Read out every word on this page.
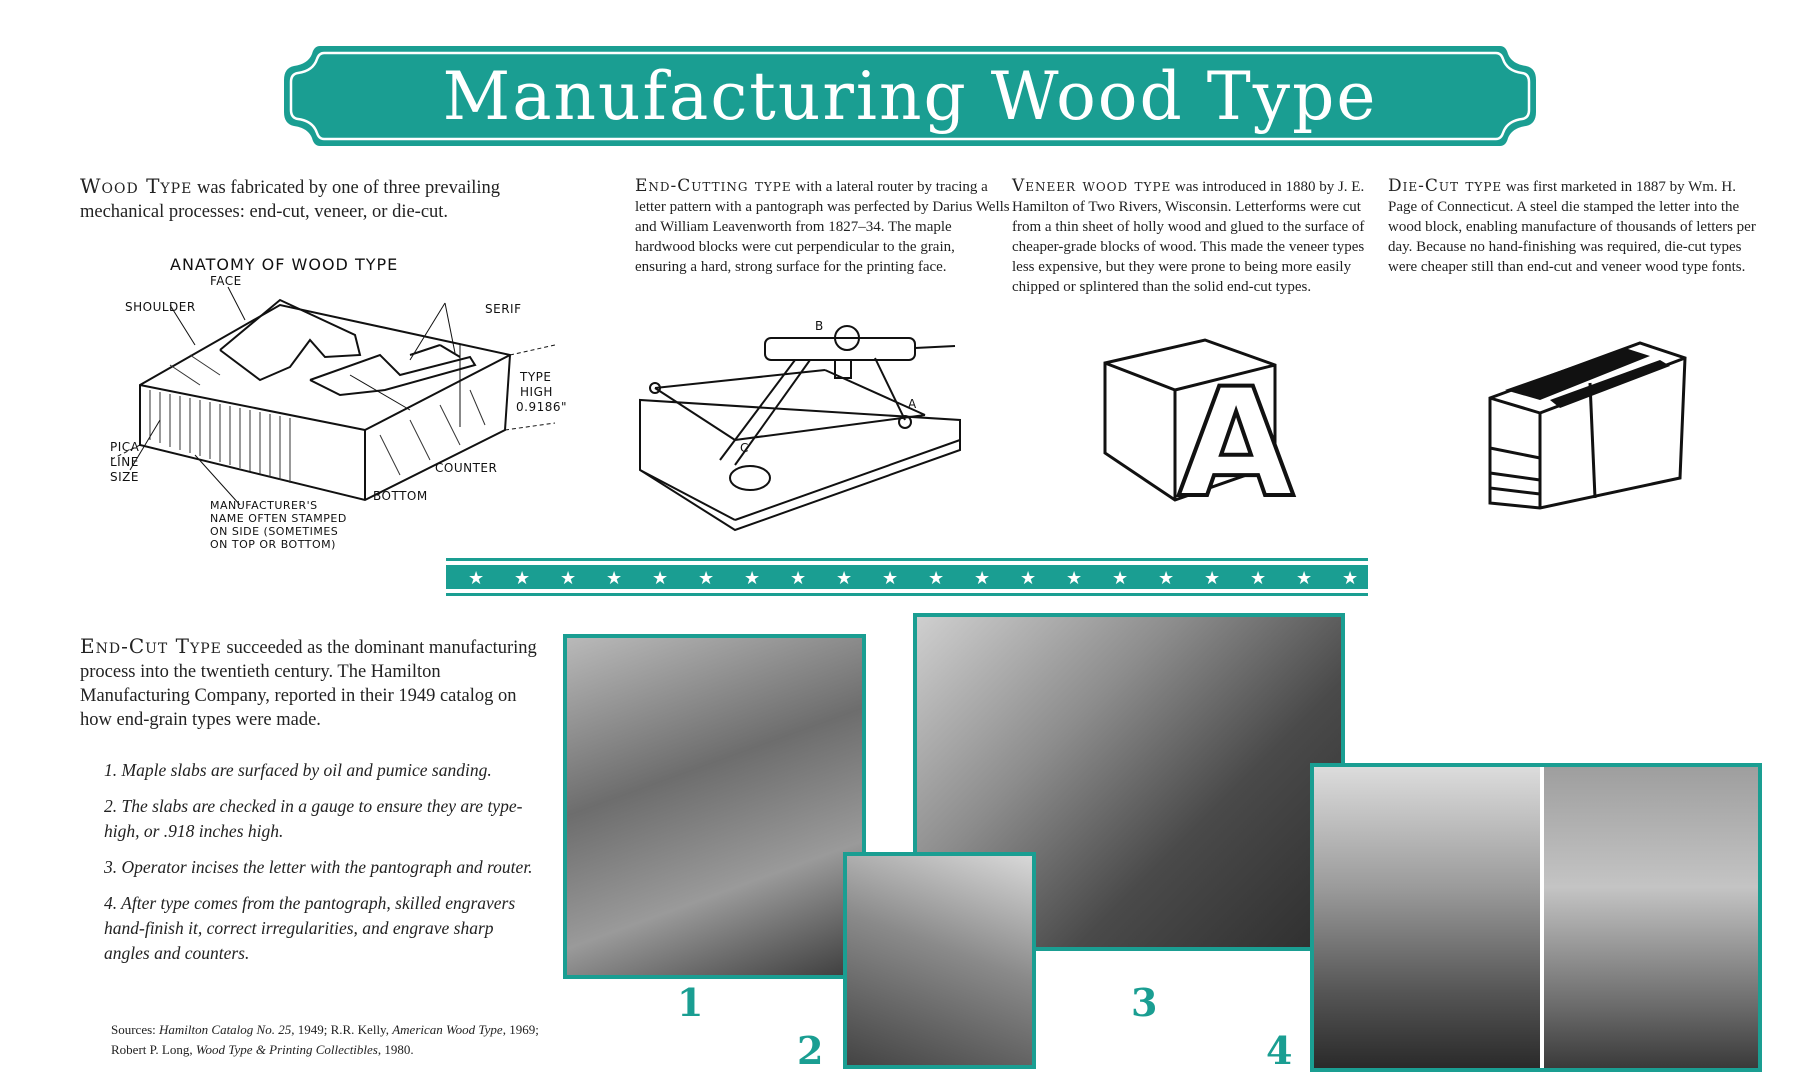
Manufacturing Wood Type
Wood Type was fabricated by one of three prevailing mechanical processes: end-cut, veneer, or die-cut.
ANATOMY OF WOOD TYPE
FACE
SHOULDER	SERIF
TYPE
HIGH
0.9186"
PICA
LINE
SIZE
COUNTER
BOTTOM
MANUFACTURER'S
NAME OFTEN STAMPED
ON SIDE (SOMETIMES
ON TOP OR BOTTOM)
End-Cutting type with a lateral router by tracing a letter pattern with a pantograph was perfected by Darius Wells and William Leavenworth from 1827–34. The maple hardwood blocks were cut perpendicular to the grain, ensuring a hard, strong surface for the printing face.
B
A
C
Veneer wood type was introduced in 1880 by J. E. Hamilton of Two Rivers, Wisconsin. Letterforms were cut from a thin sheet of holly wood and glued to the surface of cheaper-grade blocks of wood. This made the veneer types less expensive, but they were prone to being more easily chipped or splintered than the solid end-cut types.
A
Die-Cut type was first marketed in 1887 by Wm. H. Page of Connecticut. A steel die stamped the letter into the wood block, enabling manufacture of thousands of letters per day. Because no hand-finishing was required, die-cut types were cheaper still than end-cut and veneer wood type fonts.
★ ★ ★ ★ ★ ★ ★ ★ ★ ★ ★ ★ ★ ★ ★ ★ ★ ★ ★ ★
End-Cut Type succeeded as the dominant manufacturing process into the twentieth century. The Hamilton Manufacturing Company, reported in their 1949 catalog on how end-grain types were made.
1. Maple slabs are surfaced by oil and pumice sanding.
2. The slabs are checked in a gauge to ensure they are type-high, or .918 inches high.
3. Operator incises the letter with the pantograph and router.
4. After type comes from the pantograph, skilled engravers hand-finish it, correct irregularities, and engrave sharp angles and counters.
Sources: Hamilton Catalog No. 25, 1949; R.R. Kelly, American Wood Type, 1969; Robert P. Long, Wood Type & Printing Collectibles, 1980.
1
2
3
4
